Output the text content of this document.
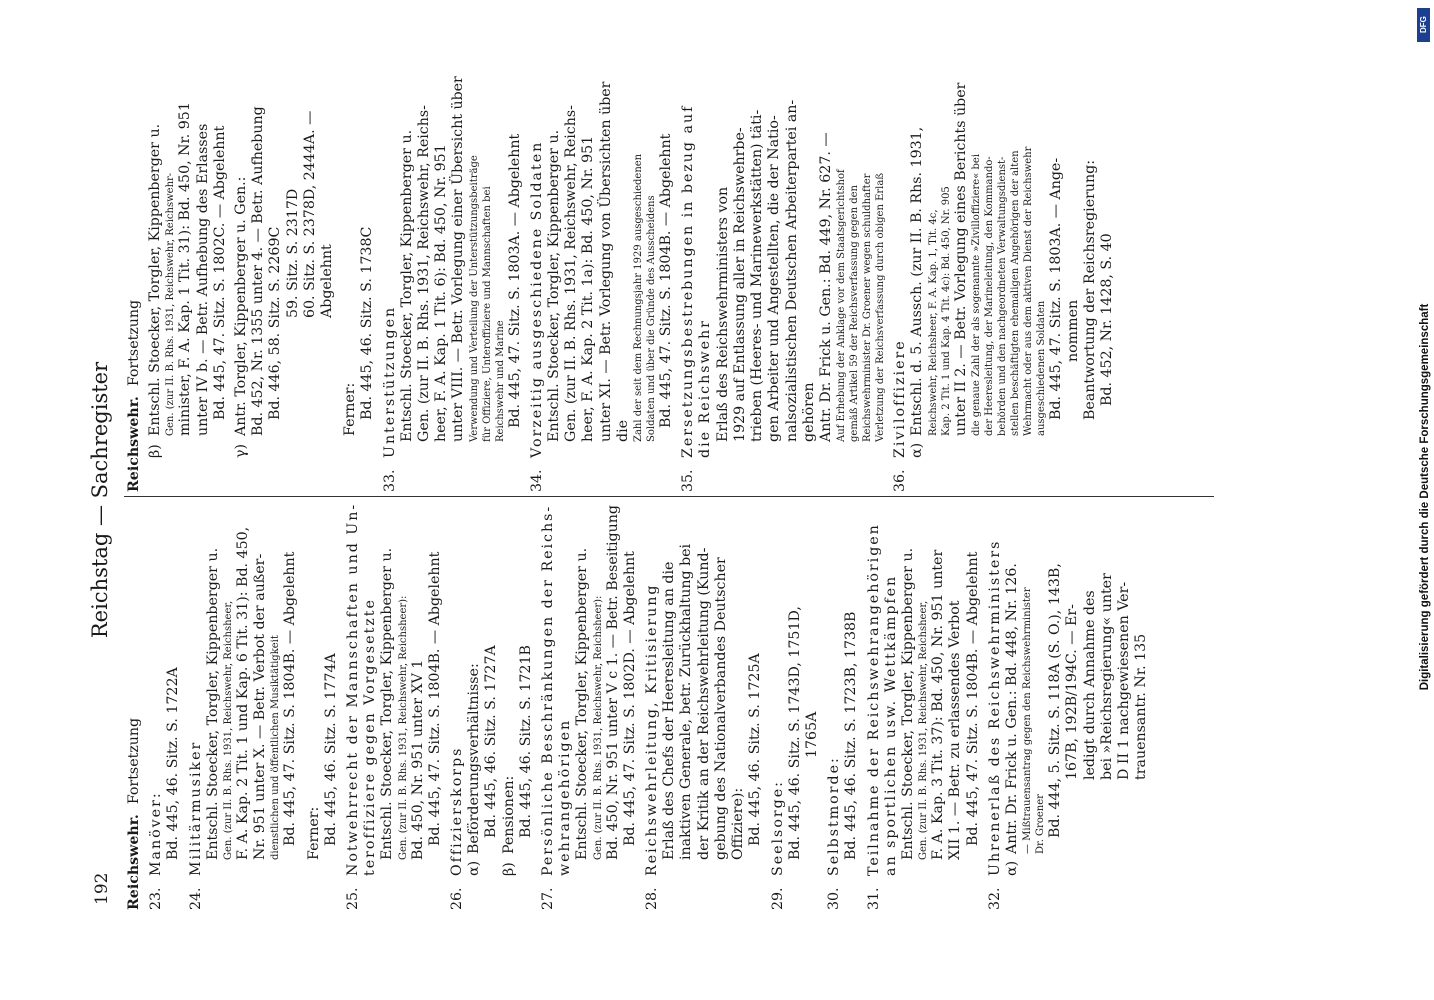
192
Reichstag — Sachregister
Reichswehr.Fortsetzung
23.
Manöver: Bd. 445, 46. Sitz. S. 1722A
24.
Militärmusiker Entschl. Stoecker, Torgler, Kippenberger u. Gen. (zur II. B. Rhs. 1931, Reichswehr, Reichsheer, F. A. Kap. 2 Tit. 1 und Kap. 6 Tit. 31): Bd. 450, Nr. 951 unter X. — Betr. Verbot der außer- dienstlichen und öffentlichen Musiktätigkeit Bd. 445, 47. Sitz. S. 1804B. — Abgelehnt Ferner: Bd. 445, 46. Sitz. S. 1774A
25.
Notwehrrecht der Mannschaften und Un- teroffiziere gegen Vorgesetzte Entschl. Stoecker, Torgler, Kippenberger u. Gen. (zur II. B. Rhs. 1931, Reichswehr, Reichsheer): Bd. 450, Nr. 951 unter XV 1 Bd. 445, 47. Sitz. S. 1804B. — Abgelehnt
26.
Offizierskorps α)
Beförderungsverhältnisse: Bd. 445, 46. Sitz. S. 1727A
β)
Pensionen: Bd. 445, 46. Sitz. S. 1721B
27.
Persönliche Beschränkungen der Reichs- wehrangehörigen Entschl. Stoecker, Torgler, Kippenberger u. Gen. (zur II. B. Rhs. 1931, Reichswehr, Reichsheer): Bd. 450, Nr. 951 unter V c 1. — Betr. Beseitigung Bd. 445, 47. Sitz. S. 1802D. — Abgelehnt
28.
Reichswehrleitung, Kritisierung Erlaß des Chefs der Heeresleitung an die inaktiven Generale, betr. Zurückhaltung bei der Kritik an der Reichswehrleitung (Kund- gebung des Nationalverbandes Deutscher Offiziere): Bd. 445, 46. Sitz. S. 1725A
29.
Seelsorge: Bd. 445, 46. Sitz. S. 1743D, 1751D, 1765A
30.
Selbstmorde: Bd. 445, 46. Sitz. S. 1723B, 1738B
31.
Teilnahme der Reichswehrangehörigen an sportlichen usw. Wettkämpfen Entschl. Stoecker, Torgler, Kippenberger u. Gen. (zur II. B. Rhs. 1931, Reichswehr, Reichsheer, F. A. Kap. 3 Tit. 37): Bd. 450, Nr. 951 unter XII 1. — Betr. zu erlassendes Verbot Bd. 445, 47. Sitz. S. 1804B. — Abgelehnt
32.
Uhrenerlaß des Reichswehrministers α)
Antr. Dr. Frick u. Gen.: Bd. 448, Nr. 126. — Mißtrauensantrag gegen den Reichswehrminister Dr. Groener Bd. 444, 5. Sitz. S. 118A (S. O.), 143B, 167B, 192B/194C. — Er- ledigt durch Annahme des bei »Reichsregierung« unter D II 1 nachgewiesenen Ver- trauensantr. Nr. 135
Reichswehr.Fortsetzung
β)
Entschl. Stoecker, Torgler, Kippenberger u. Gen. (zur II. B. Rhs. 1931, Reichswehr, Reichswehr- minister, F. A. Kap. 1 Tit. 31): Bd. 450, Nr. 951 unter IV b. — Betr. Aufhebung des Erlasses Bd. 445, 47. Sitz. S. 1802C. — Abgelehnt
γ)
Antr. Torgler, Kippenberger u. Gen.: Bd. 452, Nr. 1355 unter 4. — Betr. Aufhebung Bd. 446, 58. Sitz. S. 2269C 59. Sitz. S. 2317D 60. Sitz. S. 2378D, 2444A. — Abgelehnt
Ferner: Bd. 445, 46. Sitz. S. 1738C
33.
Unterstützungen Entschl. Stoecker, Torgler, Kippenberger u. Gen. (zur II. B. Rhs. 1931, Reichswehr, Reichs- heer, F. A. Kap. 1 Tit. 6): Bd. 450, Nr. 951 unter VIII. — Betr. Vorlegung einer Übersicht über Verwendung und Verteilung der Unterstützungsbeiträge für Offiziere, Unteroffiziere und Mannschaften bei Reichswehr und Marine Bd. 445, 47. Sitz. S. 1803A. — Abgelehnt
34.
Vorzeitig ausgeschiedene Soldaten Entschl. Stoecker, Torgler, Kippenberger u. Gen. (zur II. B. Rhs. 1931, Reichswehr, Reichs- heer, F. A. Kap. 2 Tit. 1a): Bd. 450, Nr. 951 unter XI. — Betr. Vorlegung von Übersichten über die Zahl der seit dem Rechnungsjahr 1929 ausgeschiedenen Soldaten und über die Gründe des Ausscheidens Bd. 445, 47. Sitz. S. 1804B. — Abgelehnt
35.
Zersetzungsbestrebungen in bezug auf die Reichswehr Erlaß des Reichswehrministers von 1929 auf Entlassung aller in Reichswehrbe- trieben (Heeres- und Marinewerkstätten) täti- gen Arbeiter und Angestellten, die der Natio- nalsozialistischen Deutschen Arbeiterpartei an- gehören Antr. Dr. Frick u. Gen.: Bd. 449, Nr. 627. — Auf Erhebung der Anklage vor dem Staatsgerichtshof gemäß Artikel 59 der Reichsverfassung gegen den Reichswehrminister Dr. Groener wegen schuldhafter Verletzung der Reichsverfassung durch obigen Erlaß
36.
Ziviloffiziere α)
Entschl. d. 5. Aussch. (zur II. B. Rhs. 1931, Reichswehr, Reichsheer, F. A. Kap. 1, Tit. 4c, Kap. 2 Tit. 1 und Kap. 4 Tit. 4c): Bd. 450, Nr. 905 unter II 2. — Betr. Vorlegung eines Berichts über die genaue Zahl der als sogenannte »Zivilloffiziere« bei der Heeresleitung, der Marineleitung, den Kommando- behörden und den nachgeordneten Verwaltungsdienst- stellen beschäftigten ehemaligen Angehörigen der alten Wehrmacht oder aus dem aktiven Dienst der Reichswehr ausgeschiedenen Soldaten Bd. 445, 47. Sitz. S. 1803A. — Ange- nommen Beantwortung der Reichsregierung: Bd. 452, Nr. 1428, S. 40
DFG
Digitalisierung gefördert durch die Deutsche Forschungsgemeinschaft
